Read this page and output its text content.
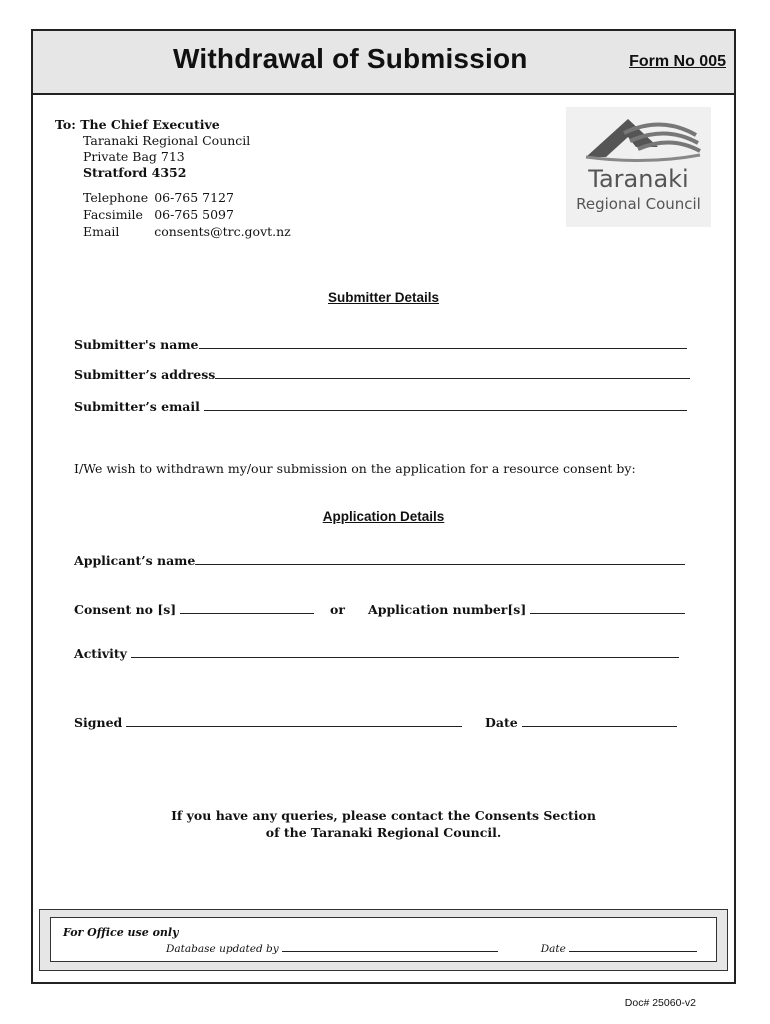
Withdrawal of Submission	Form No 005
To: The Chief Executive
Taranaki Regional Council
Private Bag 713
Stratford 4352
Telephone	06-765 7127
Facsimile	06-765 5097
Email	consents@trc.govt.nz
Taranaki
Regional Council
Submitter Details
Submitter's name
Submitter’s address
Submitter’s email
I/We wish to withdrawn my/our submission on the application for a resource consent by:
Application Details
Applicant’s name
Consent no [s]	or Application number[s]
Activity
Signed	Date
If you have any queries, please contact the Consents Section
of the Taranaki Regional Council.
For Office use only
Database updated by	Date
Doc# 25060-v2
